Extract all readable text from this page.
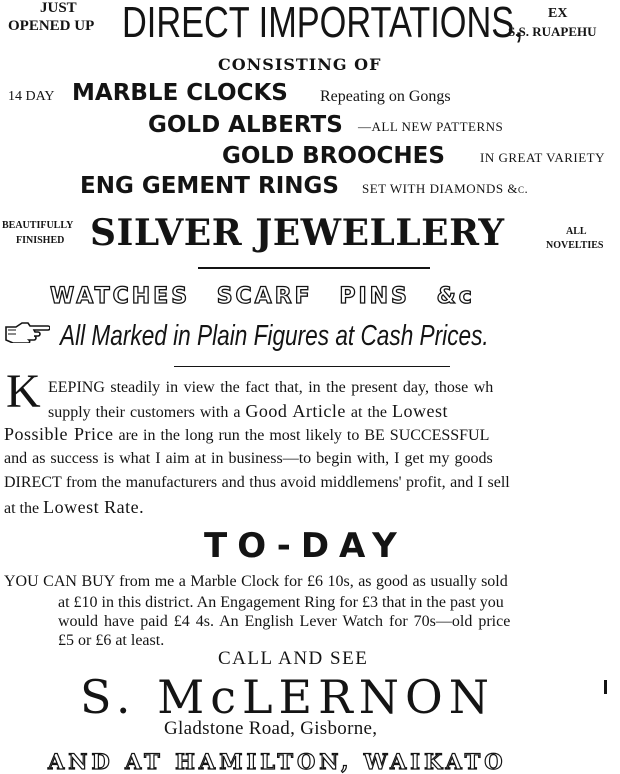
JUST
OPENED UP DIRECT IMPORTATIONS, EX
S.S. RUAPEHU
CONSISTING OF
14 DAY MARBLE CLOCKS Repeating on Gongs
GOLD ALBERTS —ALL NEW PATTERNS
GOLD BROOCHES	IN GREAT VARIETY
ENG GEMENT RINGS SET WITH DIAMONDS &c.
BEAUTIFULLY
FINISHED SILVER JEWELLERY	ALL
NOVELTIES
WATCHES SCARF PINS &c
All Marked in Plain Figures at Cash Prices.
K EEPING steadily in view the fact that, in the present day, those wh
supply their customers with a Good Article at the Lowest
Possible Price are in the long run the most likely to BE SUCCESSFUL
and as success is what I aim at in business—to begin with, I get my goods
DIRECT from the manufacturers and thus avoid middlemens' profit, and I sell
at the Lowest Rate.
TO-DAY
YOU CAN BUY from me a Marble Clock for £6 10s, as good as usually sold
at £10 in this district. An Engagement Ring for £3 that in the past you
would have paid £4 4s. An English Lever Watch for 70s—old price
£5 or £6 at least.
CALL AND SEE
S. McLERNON
Gladstone Road, Gisborne,
AND AT HAMILTON, WAIKATO
